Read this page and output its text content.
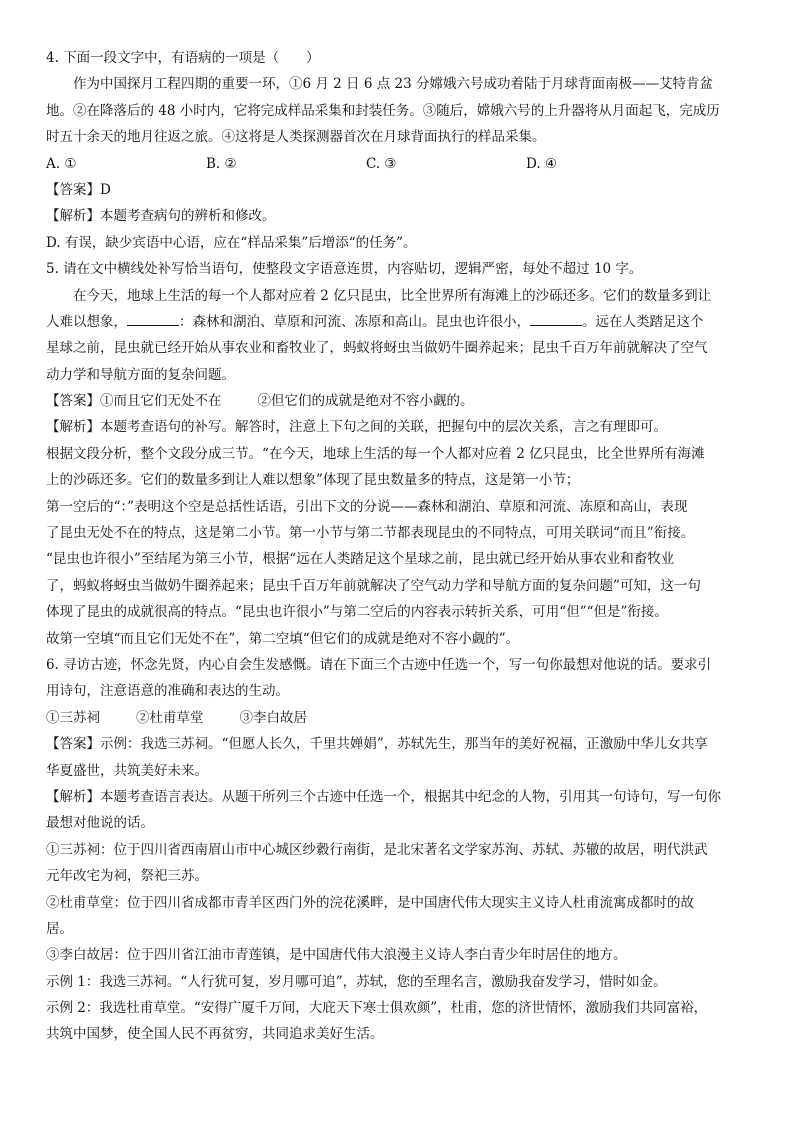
4. 下面一段文字中，有语病的一项是（　　）
作为中国探月工程四期的重要一环，①6 月 2 日 6 点 23 分嫦娥六号成功着陆于月球背面南极——艾特肯盆
地。②在降落后的 48 小时内，它将完成样品采集和封装任务。③随后，嫦娥六号的上升器将从月面起飞，完成历
时五十余天的地月往返之旅。④这将是人类探测器首次在月球背面执行的样品采集。
A. ①	B. ②	C. ③	D. ④
【答案】D
【解析】本题考查病句的辨析和修改。
D. 有误，缺少宾语中心语，应在“样品采集”后增添“的任务”。
5. 请在文中横线处补写恰当语句，使整段文字语意连贯，内容贴切，逻辑严密，每处不超过 10 字。
在今天，地球上生活的每一个人都对应着 2 亿只昆虫，比全世界所有海滩上的沙砾还多。它们的数量多到让
人难以想象，	：森林和湖泊、草原和河流、冻原和高山。昆虫也许很小，	。远在人类踏足这个
星球之前，昆虫就已经开始从事农业和畜牧业了，蚂蚁将蚜虫当做奶牛圈养起来；昆虫千百万年前就解决了空气
动力学和导航方面的复杂问题。
【答案】①而且它们无处不在	②但它们的成就是绝对不容小觑的。
【解析】本题考查语句的补写。解答时，注意上下句之间的关联，把握句中的层次关系，言之有理即可。
根据文段分析，整个文段分成三节。“在今天，地球上生活的每一个人都对应着 2 亿只昆虫，比全世界所有海滩
上的沙砾还多。它们的数量多到让人难以想象”体现了昆虫数量多的特点，这是第一小节；
第一空后的“：”表明这个空是总括性话语，引出下文的分说——森林和湖泊、草原和河流、冻原和高山，表现
了昆虫无处不在的特点，这是第二小节。第一小节与第二节都表现昆虫的不同特点，可用关联词“而且”衔接。
“昆虫也许很小”至结尾为第三小节，根据“远在人类踏足这个星球之前，昆虫就已经开始从事农业和畜牧业
了，蚂蚁将蚜虫当做奶牛圈养起来；昆虫千百万年前就解决了空气动力学和导航方面的复杂问题”可知，这一句
体现了昆虫的成就很高的特点。“昆虫也许很小”与第二空后的内容表示转折关系，可用“但”“但是”衔接。
故第一空填“而且它们无处不在”，第二空填“但它们的成就是绝对不容小觑的”。
6. 寻访古迹，怀念先贤，内心自会生发感慨。请在下面三个古迹中任选一个，写一句你最想对他说的话。要求引
用诗句，注意语意的准确和表达的生动。
①三苏祠	②杜甫草堂	③李白故居
【答案】示例：我选三苏祠。“但愿人长久，千里共婵娟”，苏轼先生，那当年的美好祝福，正激励中华儿女共享
华夏盛世，共筑美好未来。
【解析】本题考查语言表达。从题干所列三个古迹中任选一个，根据其中纪念的人物，引用其一句诗句，写一句你
最想对他说的话。
①三苏祠：位于四川省西南眉山市中心城区纱縠行南街，是北宋著名文学家苏洵、苏轼、苏辙的故居，明代洪武
元年改宅为祠，祭祀三苏。
②杜甫草堂：位于四川省成都市青羊区西门外的浣花溪畔，是中国唐代伟大现实主义诗人杜甫流寓成都时的故
居。
③李白故居：位于四川省江油市青莲镇，是中国唐代伟大浪漫主义诗人李白青少年时居住的地方。
示例 1：我选三苏祠。“人行犹可复，岁月哪可追”，苏轼，您的至理名言，激励我奋发学习，惜时如金。
示例 2：我选杜甫草堂。“安得广厦千万间，大庇天下寒士俱欢颜”，杜甫，您的济世情怀，激励我们共同富裕，
共筑中国梦，使全国人民不再贫穷，共同追求美好生活。
